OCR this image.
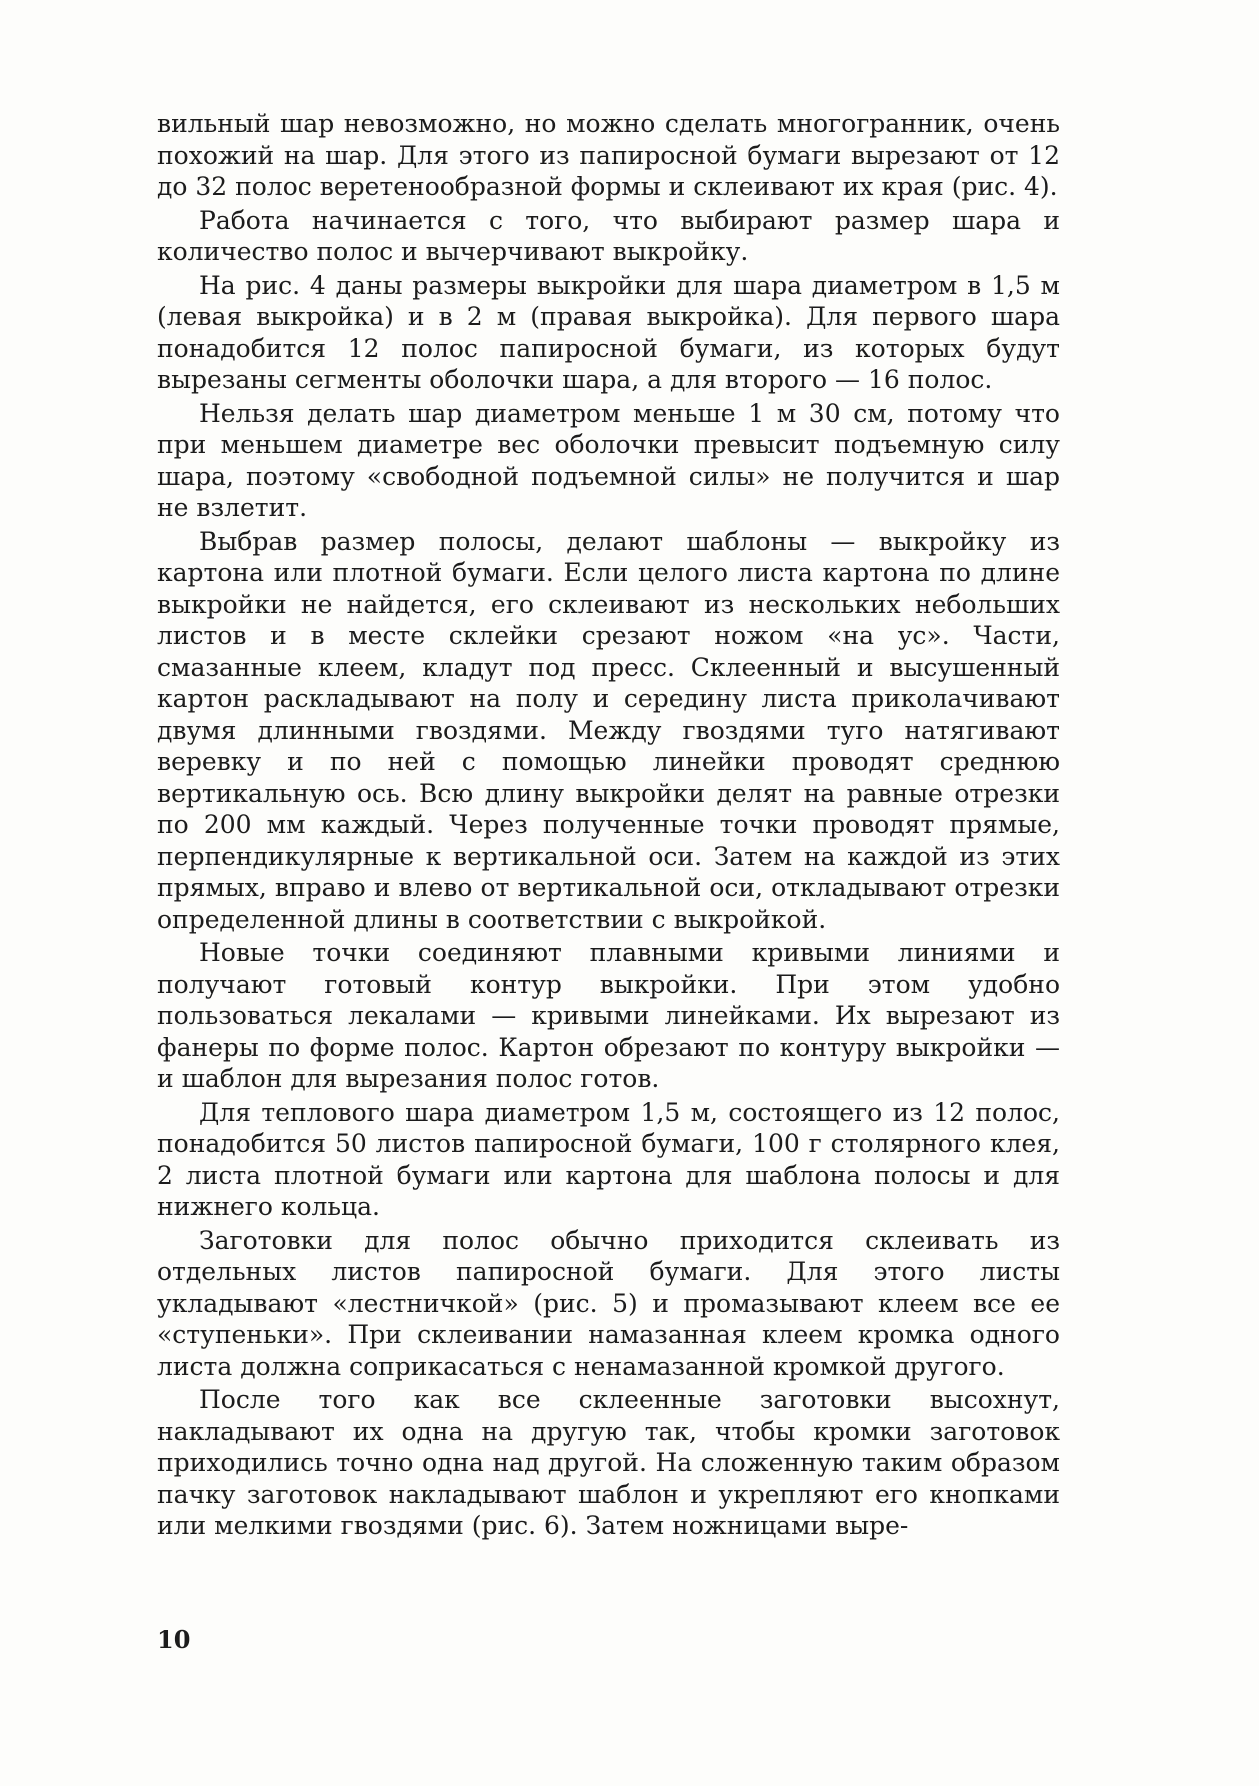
вильный шар невозможно, но можно сделать многогранник, очень похожий на шар. Для этого из папиросной бумаги вырезают от 12 до 32 полос веретенообразной формы и склеивают их края (рис. 4).

Работа начинается с того, что выбирают размер шара и количество полос и вычерчивают выкройку.

На рис. 4 даны размеры выкройки для шара диаметром в 1,5 м (левая выкройка) и в 2 м (правая выкройка). Для первого шара понадобится 12 полос папиросной бумаги, из которых будут вырезаны сегменты оболочки шара, а для второго — 16 полос.

Нельзя делать шар диаметром меньше 1 м 30 см, потому что при меньшем диаметре вес оболочки превысит подъемную силу шара, поэтому «свободной подъемной силы» не получится и шар не взлетит.

Выбрав размер полосы, делают шаблоны — выкройку из картона или плотной бумаги. Если целого листа картона по длине выкройки не найдется, его склеивают из нескольких небольших листов и в месте склейки срезают ножом «на ус». Части, смазанные клеем, кладут под пресс. Склеенный и высушенный картон раскладывают на полу и середину листа приколачивают двумя длинными гвоздями. Между гвоздями туго натягивают веревку и по ней с помощью линейки проводят среднюю вертикальную ось. Всю длину выкройки делят на равные отрезки по 200 мм каждый. Через полученные точки проводят прямые, перпендикулярные к вертикальной оси. Затем на каждой из этих прямых, вправо и влево от вертикальной оси, откладывают отрезки определенной длины в соответствии с выкройкой.

Новые точки соединяют плавными кривыми линиями и получают готовый контур выкройки. При этом удобно пользоваться лекалами — кривыми линейками. Их вырезают из фанеры по форме полос. Картон обрезают по контуру выкройки — и шаблон для вырезания полос готов.

Для теплового шара диаметром 1,5 м, состоящего из 12 полос, понадобится 50 листов папиросной бумаги, 100 г столярного клея, 2 листа плотной бумаги или картона для шаблона полосы и для нижнего кольца.

Заготовки для полос обычно приходится склеивать из отдельных листов папиросной бумаги. Для этого листы укладывают «лестничкой» (рис. 5) и промазывают клеем все ее «ступеньки». При склеивании намазанная клеем кромка одного листа должна соприкасаться с ненамазанной кромкой другого.

После того как все склеенные заготовки высохнут, накладывают их одна на другую так, чтобы кромки заготовок приходились точно одна над другой. На сложенную таким образом пачку заготовок накладывают шаблон и укрепляют его кнопками или мелкими гвоздями (рис. 6). Затем ножницами выре-

10
